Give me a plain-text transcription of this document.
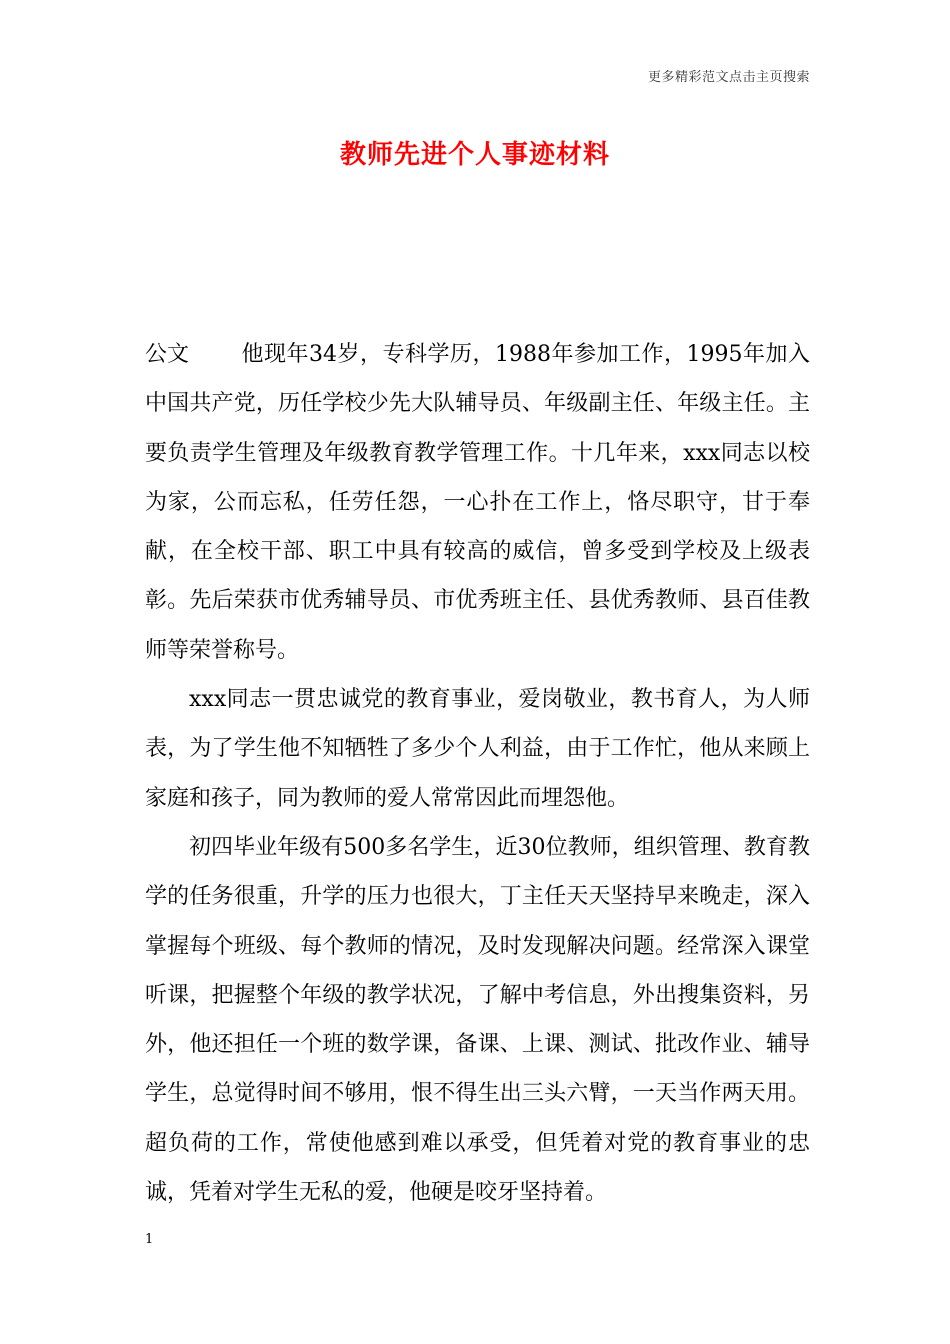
更多精彩范文点击主页搜索
教师先进个人事迹材料

公文 他现年34岁，专科学历，1988年参加工作，1995年加入中国共产党，历任学校少先大队辅导员、年级副主任、年级主任。主要负责学生管理及年级教育教学管理工作。十几年来，xxx同志以校为家，公而忘私，任劳任怨，一心扑在工作上，恪尽职守，甘于奉献，在全校干部、职工中具有较高的威信，曾多受到学校及上级表彰。先后荣获市优秀辅导员、市优秀班主任、县优秀教师、县百佳教师等荣誉称号。

xxx同志一贯忠诚党的教育事业，爱岗敬业，教书育人，为人师表，为了学生他不知牺牲了多少个人利益，由于工作忙，他从来顾上家庭和孩子，同为教师的爱人常常因此而埋怨他。

初四毕业年级有500多名学生，近30位教师，组织管理、教育教学的任务很重，升学的压力也很大，丁主任天天坚持早来晚走，深入掌握每个班级、每个教师的情况，及时发现解决问题。经常深入课堂听课，把握整个年级的教学状况，了解中考信息，外出搜集资料，另外，他还担任一个班的数学课，备课、上课、测试、批改作业、辅导学生，总觉得时间不够用，恨不得生出三头六臂，一天当作两天用。超负荷的工作，常使他感到难以承受，但凭着对党的教育事业的忠诚，凭着对学生无私的爱，他硬是咬牙坚持着。

1
